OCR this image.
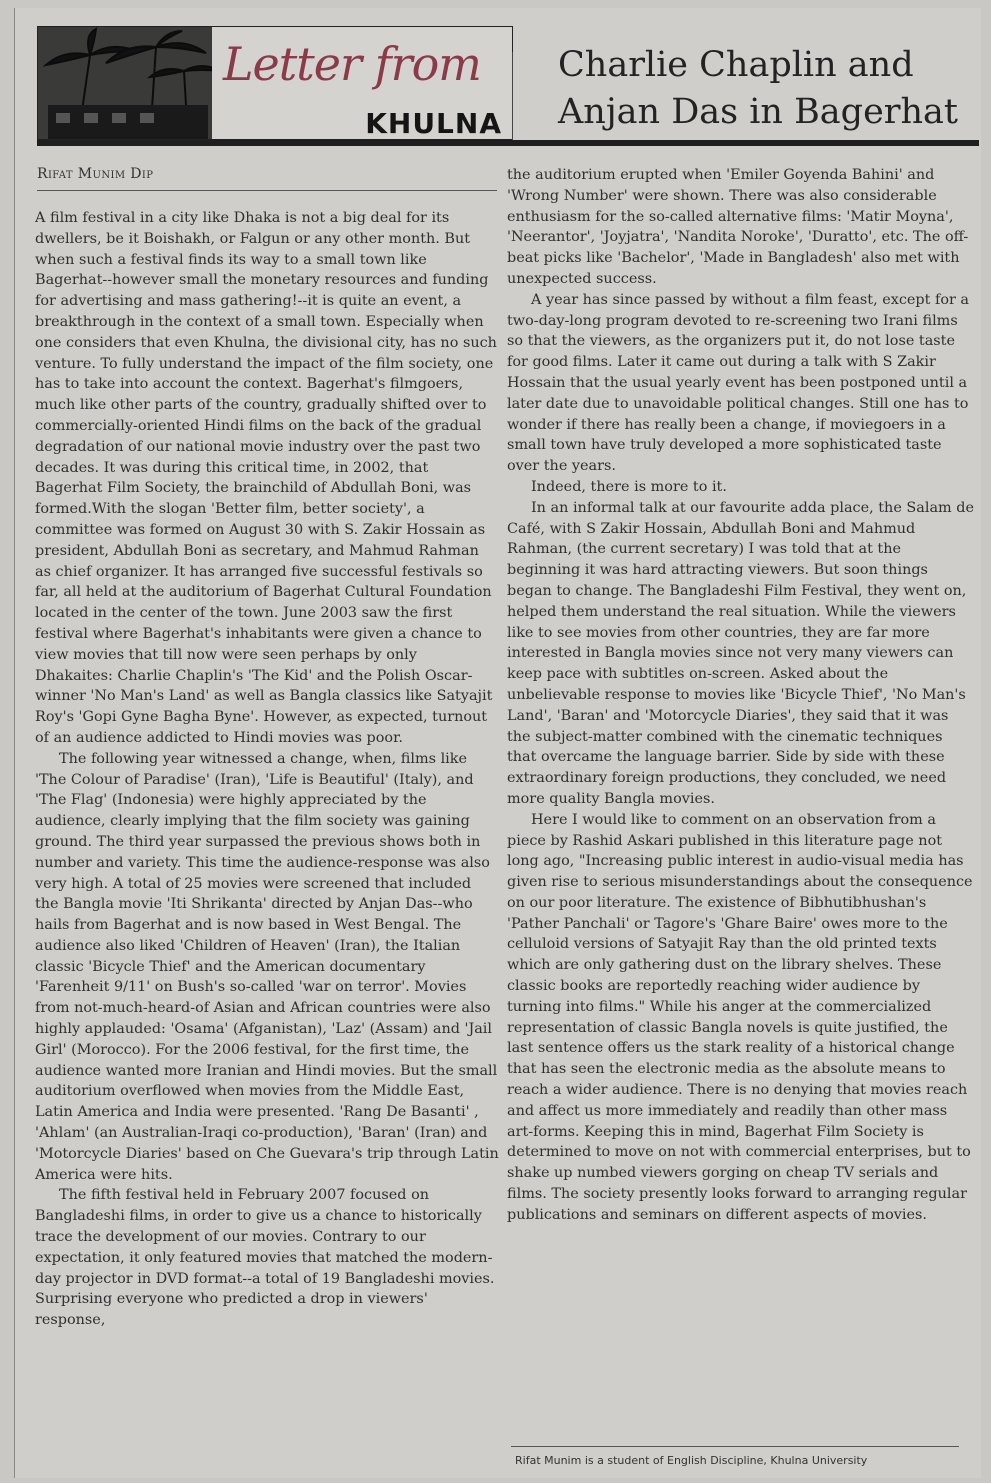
Letter from
KHULNA
Charlie Chaplin and
Anjan Das in Bagerhat
Rifat Munim Dip

A film festival in a city like Dhaka is not a big deal for its dwellers, be it Boishakh, or Falgun or any other month. But when such a festival finds its way to a small town like Bagerhat--however small the monetary resources and funding for advertising and mass gathering!--it is quite an event, a breakthrough in the context of a small town. Especially when one considers that even Khulna, the divisional city, has no such venture. To fully understand the impact of the film society, one has to take into account the context. Bagerhat's filmgoers, much like other parts of the country, gradually shifted over to commercially-oriented Hindi films on the back of the gradual degradation of our national movie industry over the past two decades. It was during this critical time, in 2002, that Bagerhat Film Society, the brainchild of Abdullah Boni, was formed.With the slogan 'Better film, better society', a committee was formed on August 30 with S. Zakir Hossain as president, Abdullah Boni as secretary, and Mahmud Rahman as chief organizer. It has arranged five successful festivals so far, all held at the auditorium of Bagerhat Cultural Foundation located in the center of the town. June 2003 saw the first festival where Bagerhat's inhabitants were given a chance to view movies that till now were seen perhaps by only Dhakaites: Charlie Chaplin's 'The Kid' and the Polish Oscar-winner 'No Man's Land' as well as Bangla classics like Satyajit Roy's 'Gopi Gyne Bagha Byne'. However, as expected, turnout of an audience addicted to Hindi movies was poor.

The following year witnessed a change, when, films like 'The Colour of Paradise' (Iran), 'Life is Beautiful' (Italy), and 'The Flag' (Indonesia) were highly appreciated by the audience, clearly implying that the film society was gaining ground. The third year surpassed the previous shows both in number and variety. This time the audience-response was also very high. A total of 25 movies were screened that included the Bangla movie 'Iti Shrikanta' directed by Anjan Das--who hails from Bagerhat and is now based in West Bengal. The audience also liked 'Children of Heaven' (Iran), the Italian classic 'Bicycle Thief' and the American documentary 'Farenheit 9/11' on Bush's so-called 'war on terror'. Movies from not-much-heard-of Asian and African countries were also highly applauded: 'Osama' (Afganistan), 'Laz' (Assam) and 'Jail Girl' (Morocco). For the 2006 festival, for the first time, the audience wanted more Iranian and Hindi movies. But the small auditorium overflowed when movies from the Middle East, Latin America and India were presented. 'Rang De Basanti' , 'Ahlam' (an Australian-Iraqi co-production), 'Baran' (Iran) and 'Motorcycle Diaries' based on Che Guevara's trip through Latin America were hits.

The fifth festival held in February 2007 focused on Bangladeshi films, in order to give us a chance to historically trace the development of our movies. Contrary to our expectation, it only featured movies that matched the modern-day projector in DVD format--a total of 19 Bangladeshi movies. Surprising everyone who predicted a drop in viewers' response,

the auditorium erupted when 'Emiler Goyenda Bahini' and 'Wrong Number' were shown. There was also considerable enthusiasm for the so-called alternative films: 'Matir Moyna', 'Neerantor', 'Joyjatra', 'Nandita Noroke', 'Duratto', etc. The off-beat picks like 'Bachelor', 'Made in Bangladesh' also met with unexpected success.

A year has since passed by without a film feast, except for a two-day-long program devoted to re-screening two Irani films so that the viewers, as the organizers put it, do not lose taste for good films. Later it came out during a talk with S Zakir Hossain that the usual yearly event has been postponed until a later date due to unavoidable political changes. Still one has to wonder if there has really been a change, if moviegoers in a small town have truly developed a more sophisticated taste over the years.

Indeed, there is more to it.

In an informal talk at our favourite adda place, the Salam de Café, with S Zakir Hossain, Abdullah Boni and Mahmud Rahman, (the current secretary) I was told that at the beginning it was hard attracting viewers. But soon things began to change. The Bangladeshi Film Festival, they went on, helped them understand the real situation. While the viewers like to see movies from other countries, they are far more interested in Bangla movies since not very many viewers can keep pace with subtitles on-screen. Asked about the unbelievable response to movies like 'Bicycle Thief', 'No Man's Land', 'Baran' and 'Motorcycle Diaries', they said that it was the subject-matter combined with the cinematic techniques that overcame the language barrier. Side by side with these extraordinary foreign productions, they concluded, we need more quality Bangla movies.

Here I would like to comment on an observation from a piece by Rashid Askari published in this literature page not long ago, "Increasing public interest in audio-visual media has given rise to serious misunderstandings about the consequence on our poor literature. The existence of Bibhutibhushan's 'Pather Panchali' or Tagore's 'Ghare Baire' owes more to the celluloid versions of Satyajit Ray than the old printed texts which are only gathering dust on the library shelves. These classic books are reportedly reaching wider audience by turning into films." While his anger at the commercialized representation of classic Bangla novels is quite justified, the last sentence offers us the stark reality of a historical change that has seen the electronic media as the absolute means to reach a wider audience. There is no denying that movies reach and affect us more immediately and readily than other mass art-forms. Keeping this in mind, Bagerhat Film Society is determined to move on not with commercial enterprises, but to shake up numbed viewers gorging on cheap TV serials and films. The society presently looks forward to arranging regular publications and seminars on different aspects of movies.

Rifat Munim is a student of English Discipline, Khulna University
